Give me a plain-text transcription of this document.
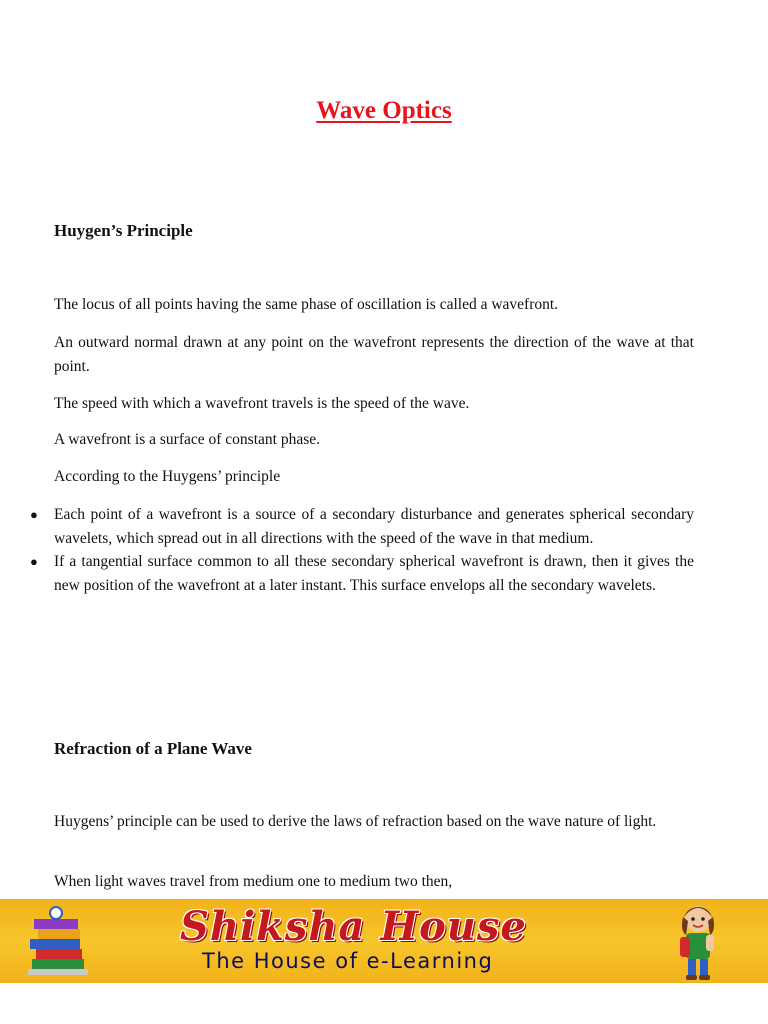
Wave Optics
Huygen’s Principle

The locus of all points having the same phase of oscillation is called a wavefront.

An outward normal drawn at any point on the wavefront represents the direction of the wave at that point.

The speed with which a wavefront travels is the speed of the wave.

A wavefront is a surface of constant phase.

According to the Huygens’ principle

● Each point of a wavefront is a source of a secondary disturbance and generates spherical secondary wavelets, which spread out in all directions with the speed of the wave in that medium.
● If a tangential surface common to all these secondary spherical wavefront is drawn, then it gives the new position of the wavefront at a later instant. This surface envelops all the secondary wavelets.
Refraction of a Plane Wave

Huygens’ principle can be used to derive the laws of refraction based on the wave nature of light.

When light waves travel from medium one to medium two then,

Shiksha House
The House of e-Learning
